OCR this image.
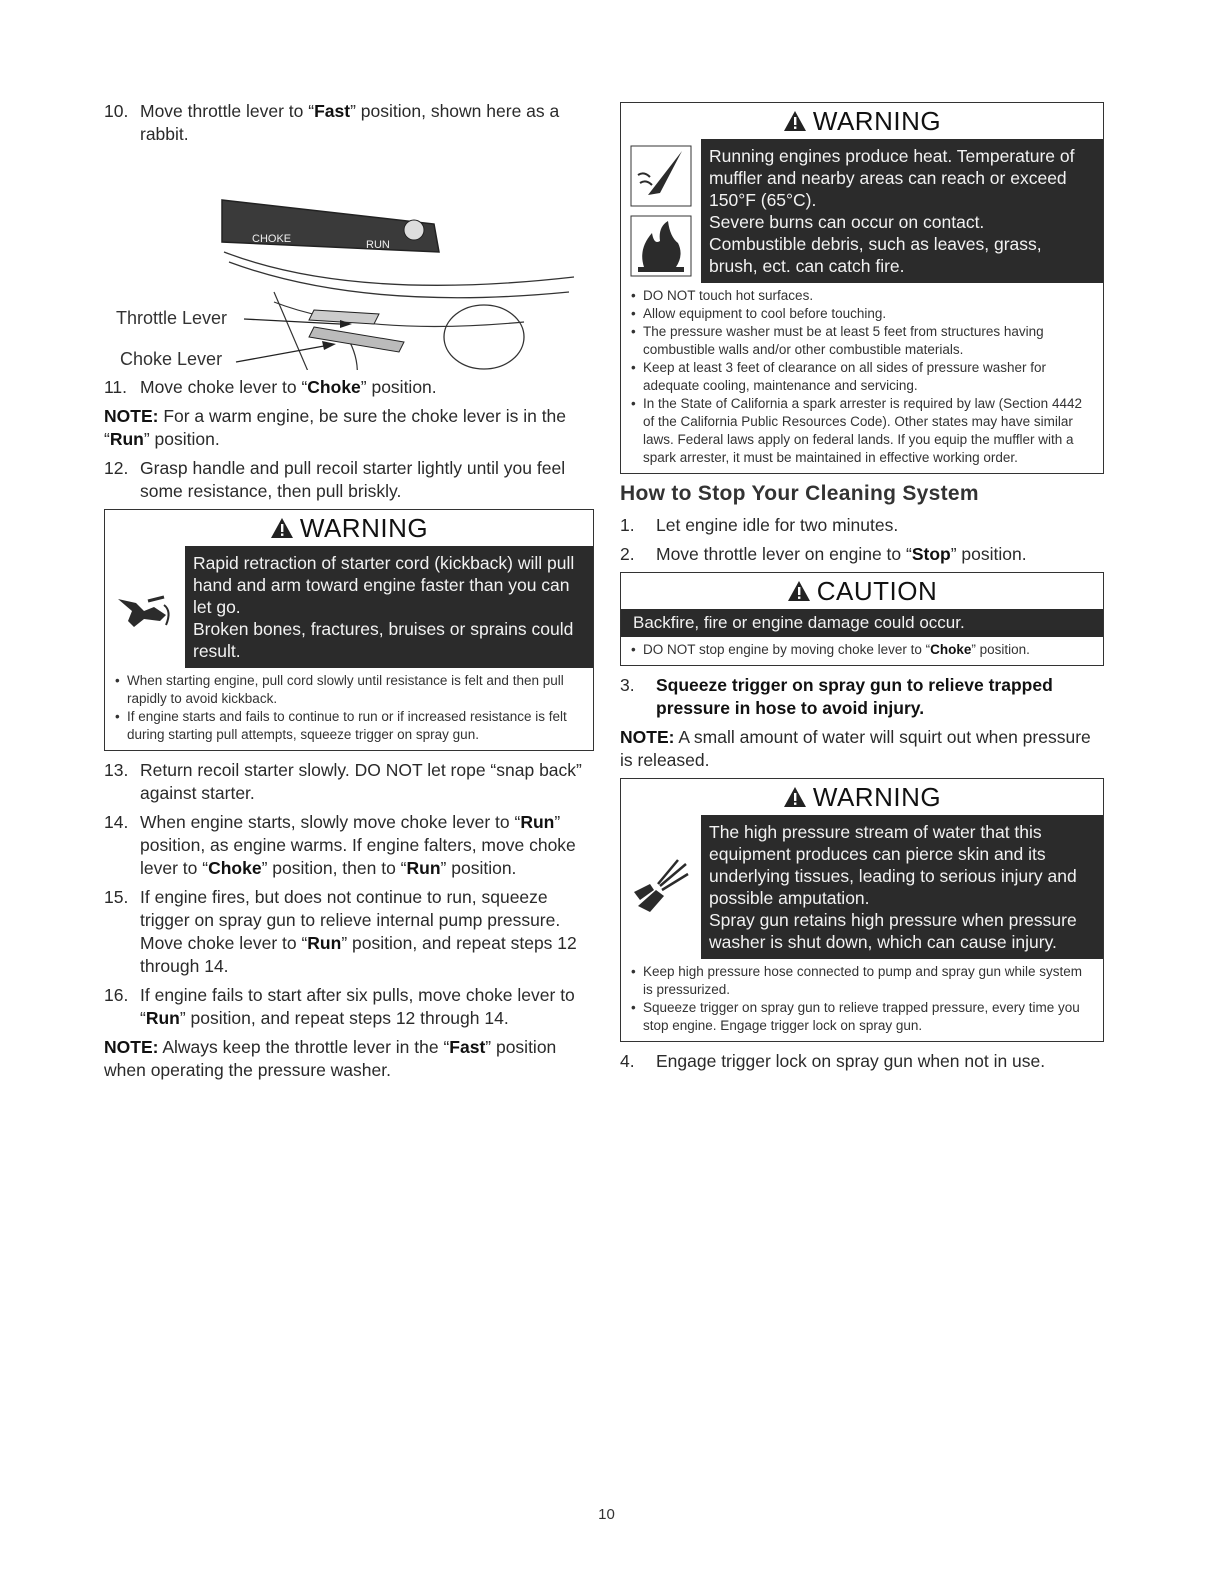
10. Move throttle lever to “Fast” position, shown here as a rabbit.
CHOKE	RUN
Throttle Lever
Choke Lever
11. Move choke lever to “Choke” position.

NOTE: For a warm engine, be sure the choke lever is in the “Run” position.

12. Grasp handle and pull recoil starter lightly until you feel some resistance, then pull briskly.
WARNING

Rapid retraction of starter cord (kickback) will pull hand and arm toward engine faster than you can let go.

Broken bones, fractures, bruises or sprains could result.

• When starting engine, pull cord slowly until resistance is felt and then pull rapidly to avoid kickback.
• If engine starts and fails to continue to run or if increased resistance is felt during starting pull attempts, squeeze trigger on spray gun.
13. Return recoil starter slowly. DO NOT let rope “snap back” against starter.
14. When engine starts, slowly move choke lever to “Run” position, as engine warms. If engine falters, move choke lever to “Choke” position, then to “Run” position.
15. If engine fires, but does not continue to run, squeeze trigger on spray gun to relieve internal pump pressure. Move choke lever to “Run” position, and repeat steps 12 through 14.
16. If engine fails to start after six pulls, move choke lever to “Run” position, and repeat steps 12 through 14.

NOTE: Always keep the throttle lever in the “Fast” position when operating the pressure washer.

WARNING

Running engines produce heat. Temperature of muffler and nearby areas can reach or exceed 150°F (65°C).

Severe burns can occur on contact.

Combustible debris, such as leaves, grass, brush, ect. can catch fire.

• DO NOT touch hot surfaces.
• Allow equipment to cool before touching.
• The pressure washer must be at least 5 feet from structures having combustible walls and/or other combustible materials.
• Keep at least 3 feet of clearance on all sides of pressure washer for adequate cooling, maintenance and servicing.
• In the State of California a spark arrester is required by law (Section 4442 of the California Public Resources Code). Other states may have similar laws. Federal laws apply on federal lands. If you equip the muffler with a spark arrester, it must be maintained in effective working order.
How to Stop Your Cleaning System
1.	Let engine idle for two minutes.
2.	Move throttle lever on engine to “Stop” position.
CAUTION
Backfire, fire or engine damage could occur.
• DO NOT stop engine by moving choke lever to “Choke” position.
3.	Squeeze trigger on spray gun to relieve trapped pressure in hose to avoid injury.

NOTE: A small amount of water will squirt out when pressure is released.

WARNING

The high pressure stream of water that this equipment produces can pierce skin and its underlying tissues, leading to serious injury and possible amputation.

Spray gun retains high pressure when pressure washer is shut down, which can cause injury.

• Keep high pressure hose connected to pump and spray gun while system is pressurized.
• Squeeze trigger on spray gun to relieve trapped pressure, every time you stop engine. Engage trigger lock on spray gun.
4.	Engage trigger lock on spray gun when not in use.
10
